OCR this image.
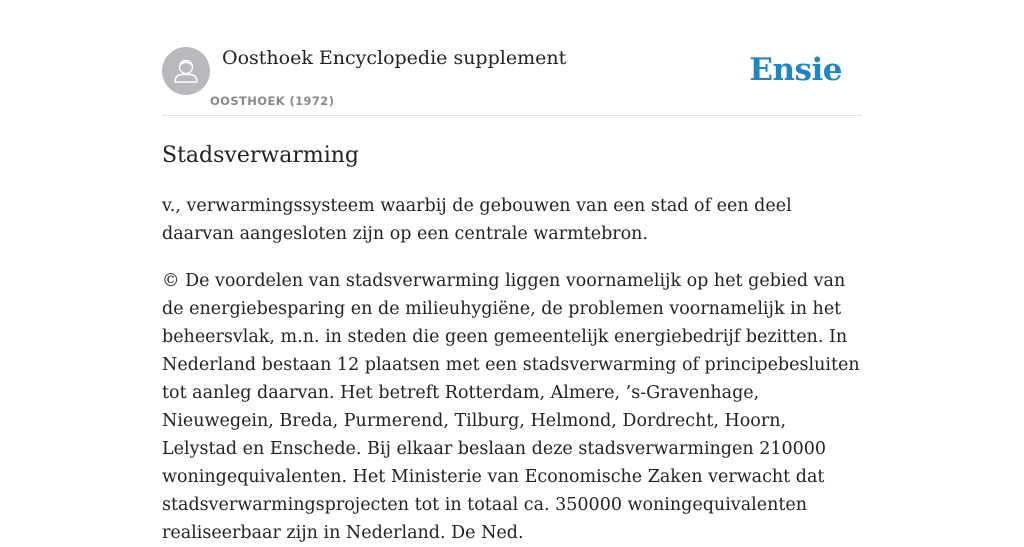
Oosthoek Encyclopedie supplement
OOSTHOEK (1972)
Ensie
Stadsverwarming

v., verwarmingssysteem waarbij de gebouwen van een stad of een deel daarvan aangesloten zijn op een centrale warmtebron.

© De voordelen van stadsverwarming liggen voornamelijk op het gebied van de energiebesparing en de milieuhygiëne, de problemen voornamelijk in het beheersvlak, m.n. in steden die geen gemeentelijk energiebedrijf bezitten. In Nederland bestaan 12 plaatsen met een stadsverwarming of principebesluiten tot aanleg daarvan. Het betreft Rotterdam, Almere, ’s-Gravenhage, Nieuwegein, Breda, Purmerend, Tilburg, Helmond, Dordrecht, Hoorn, Lelystad en Enschede. Bij elkaar beslaan deze stadsverwarmingen 210000 woningequivalenten. Het Ministerie van Economische Zaken verwacht dat stadsverwarmingsprojecten tot in totaal ca. 350000 woningequivalenten realiseerbaar zijn in Nederland. De Ned.
